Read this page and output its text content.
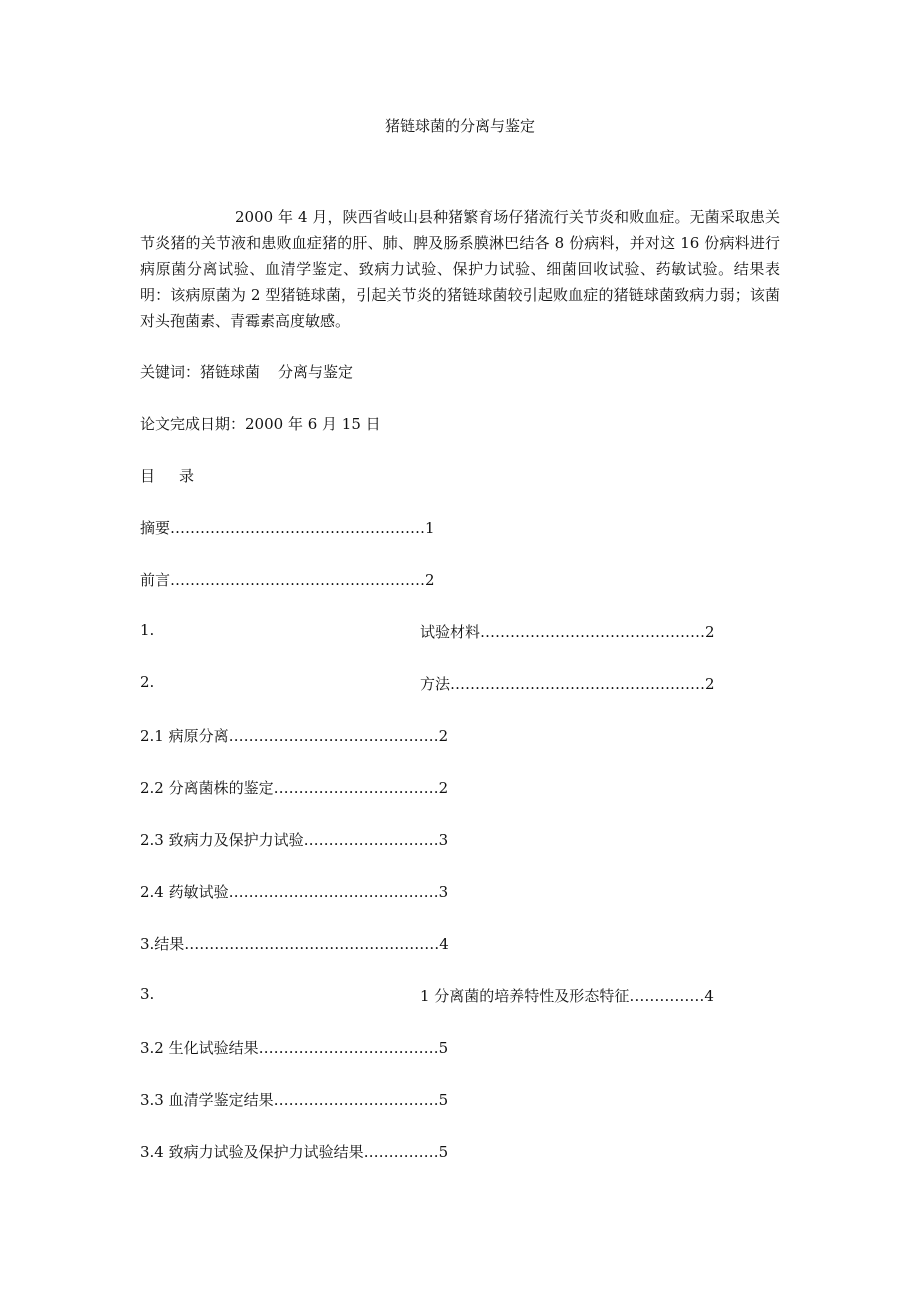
猪链球菌的分离与鉴定

2000 年 4 月，陕西省岐山县种猪繁育场仔猪流行关节炎和败血症。无菌采取患关节炎猪的关节液和患败血症猪的肝、肺、脾及肠系膜淋巴结各 8 份病料，并对这 16 份病料进行病原菌分离试验、血清学鉴定、致病力试验、保护力试验、细菌回收试验、药敏试验。结果表明：该病原菌为 2 型猪链球菌，引起关节炎的猪链球菌较引起败血症的猪链球菌致病力弱；该菌对头孢菌素、青霉素高度敏感。

关键词：猪链球菌 分离与鉴定
论文完成日期：2000 年 6 月 15 日
目 录
摘要……………………………………………1
前言……………………………………………2
1.	试验材料………………………………………2
2.	方法……………………………………………2
2.1 病原分离……………………………………2
2.2 分离菌株的鉴定……………………………2
2.3 致病力及保护力试验………………………3
2.4 药敏试验……………………………………3
3.结果……………………………………………4
3.	1 分离菌的培养特性及形态特征……………4
3.2 生化试验结果………………………………5
3.3 血清学鉴定结果……………………………5
3.4 致病力试验及保护力试验结果……………5
